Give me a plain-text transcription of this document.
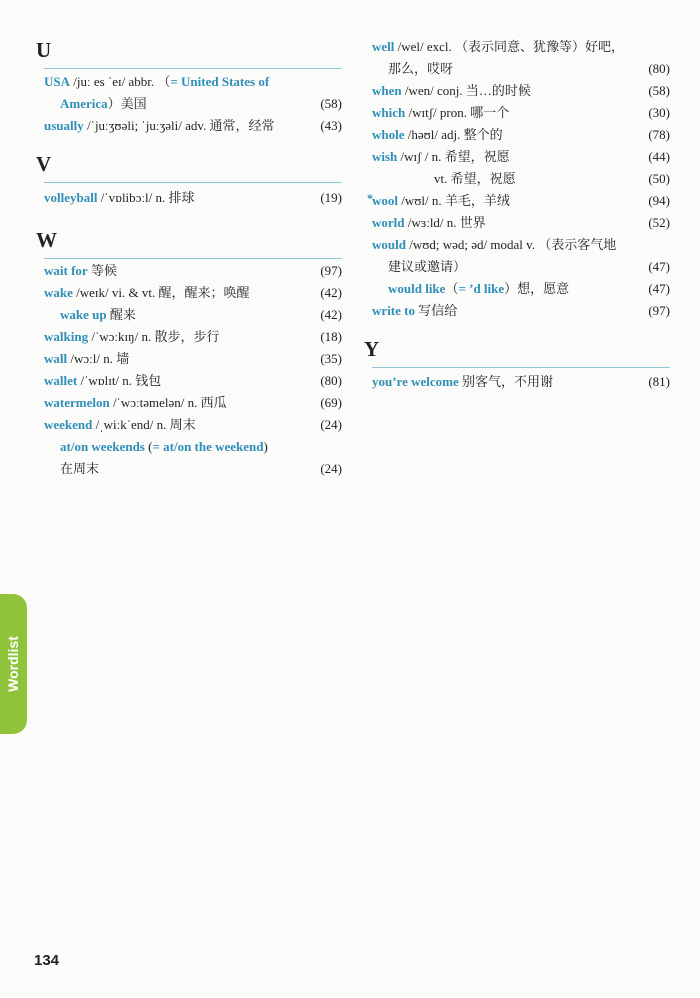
U
USA /juː es ˈeɪ/ abbr. （= United States of
America）美国	(58)
usually /ˈjuːʒʊəli; ˈjuːʒəli/ adv. 通常，经常	(43)
V
volleyball /ˈvɒlibɔːl/ n. 排球	(19)
W
wait for 等候	(97)
wake /weɪk/ vi. & vt. 醒，醒来；唤醒	(42)
wake up 醒来	(42)
walking /ˈwɔːkɪŋ/ n. 散步，步行	(18)
wall /wɔːl/ n. 墙	(35)
wallet /ˈwɒlɪt/ n. 钱包	(80)
watermelon /ˈwɔːtəmelən/ n. 西瓜	(69)
weekend /ˌwiːkˈend/ n. 周末	(24)
at/on weekends (= at/on the weekend)
在周末	(24)
well /wel/ excl. （表示同意、犹豫等）好吧，
那么，哎呀	(80)
when /wen/ conj. 当…的时候	(58)
which /wɪtʃ/ pron. 哪一个	(30)
whole /həʊl/ adj. 整个的	(78)
wish /wɪʃ / n. 希望，祝愿	(44)
vt. 希望，祝愿	(50)
* wool /wʊl/ n. 羊毛，羊绒	(94)
world /wɜːld/ n. 世界	(52)
would /wʊd; wəd; əd/ modal v. （表示客气地
建议或邀请）	(47)
would like（= ’d like）想，愿意	(47)
write to 写信给	(97)
Y
you’re welcome 别客气，不用谢	(81)
Wordlist
134
